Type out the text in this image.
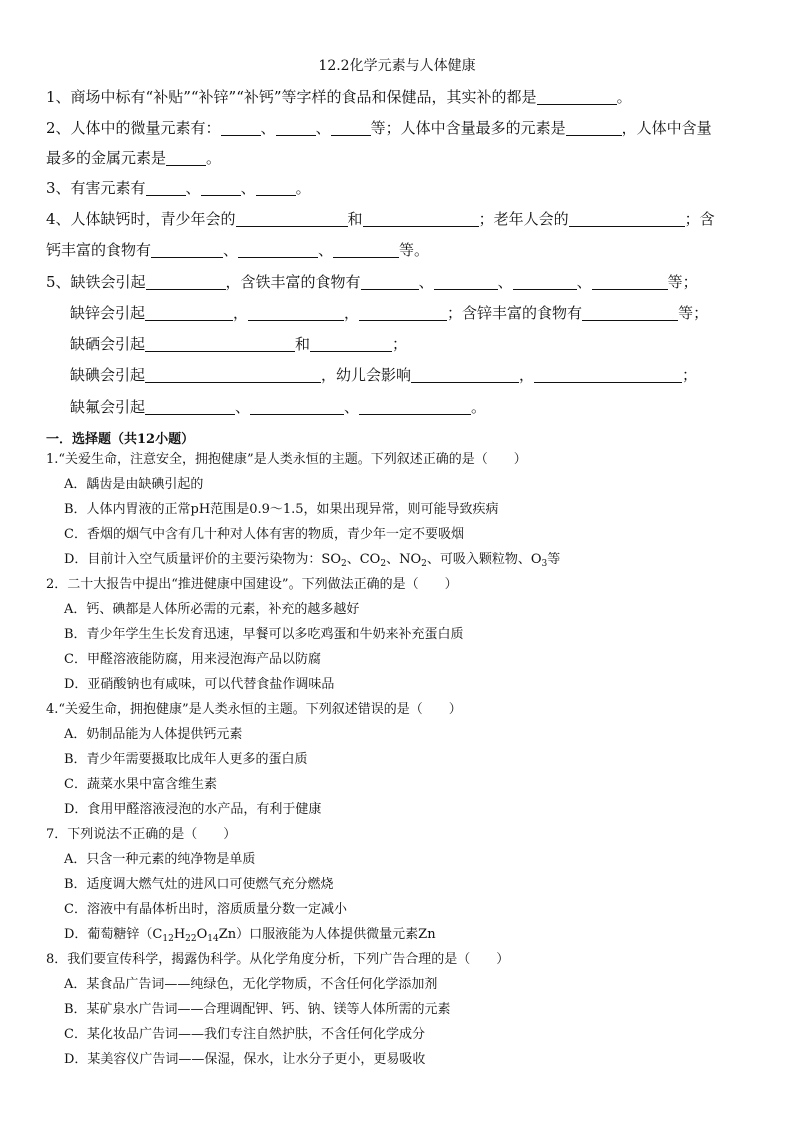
12.2化学元素与人体健康
1、商场中标有“补贴”“补锌”“补钙”等字样的食品和保健品，其实补的都是	。
2、人体中的微量元素有：	、	、	等；人体中含量最多的元素是	，人体中含量
最多的金属元素是	。
3、有害元素有	、	、	。
4、人体缺钙时，青少年会的	和	；老年人会的	；含
钙丰富的食物有	、	、	等。
5、缺铁会引起	，含铁丰富的食物有	、	、	、	等；
缺锌会引起	，	，	；含锌丰富的食物有	等；
缺硒会引起	和	；
缺碘会引起	，幼儿会影响	，	；
缺氟会引起	、	、	。
一．选择题（共12小题）
1.“关爱生命，注意安全，拥抱健康”是人类永恒的主题。下列叙述正确的是（　　）
A．龋齿是由缺碘引起的
B．人体内胃液的正常pH范围是0.9～1.5，如果出现异常，则可能导致疾病
C．香烟的烟气中含有几十种对人体有害的物质，青少年一定不要吸烟
D．目前计入空气质量评价的主要污染物为：$SO_2$、$CO_2$、$NO_2$、可吸入颗粒物、$O_3$等
2．二十大报告中提出“推进健康中国建设”。下列做法正确的是（　　）
A．钙、碘都是人体所必需的元素，补充的越多越好
B．青少年学生生长发育迅速，早餐可以多吃鸡蛋和牛奶来补充蛋白质
C．甲醛溶液能防腐，用来浸泡海产品以防腐
D．亚硝酸钠也有咸味，可以代替食盐作调味品
4.“关爱生命，拥抱健康”是人类永恒的主题。下列叙述错误的是（　　）
A．奶制品能为人体提供钙元素
B．青少年需要摄取比成年人更多的蛋白质
C．蔬菜水果中富含维生素
D．食用甲醛溶液浸泡的水产品，有利于健康
7．下列说法不正确的是（　　）
A．只含一种元素的纯净物是单质
B．适度调大燃气灶的进风口可使燃气充分燃烧
C．溶液中有晶体析出时，溶质质量分数一定减小
D．葡萄糖锌$(C_{12}H_{22}O_{14}Zn)$口服液能为人体提供微量元素Zn
8．我们要宣传科学，揭露伪科学。从化学角度分析，下列广告合理的是（　　）
A．某食品广告词——纯绿色，无化学物质，不含任何化学添加剂
B．某矿泉水广告词——合理调配钾、钙、钠、镁等人体所需的元素
C．某化妆品广告词——我们专注自然护肤，不含任何化学成分
D．某美容仪广告词——保湿，保水，让水分子更小，更易吸收
